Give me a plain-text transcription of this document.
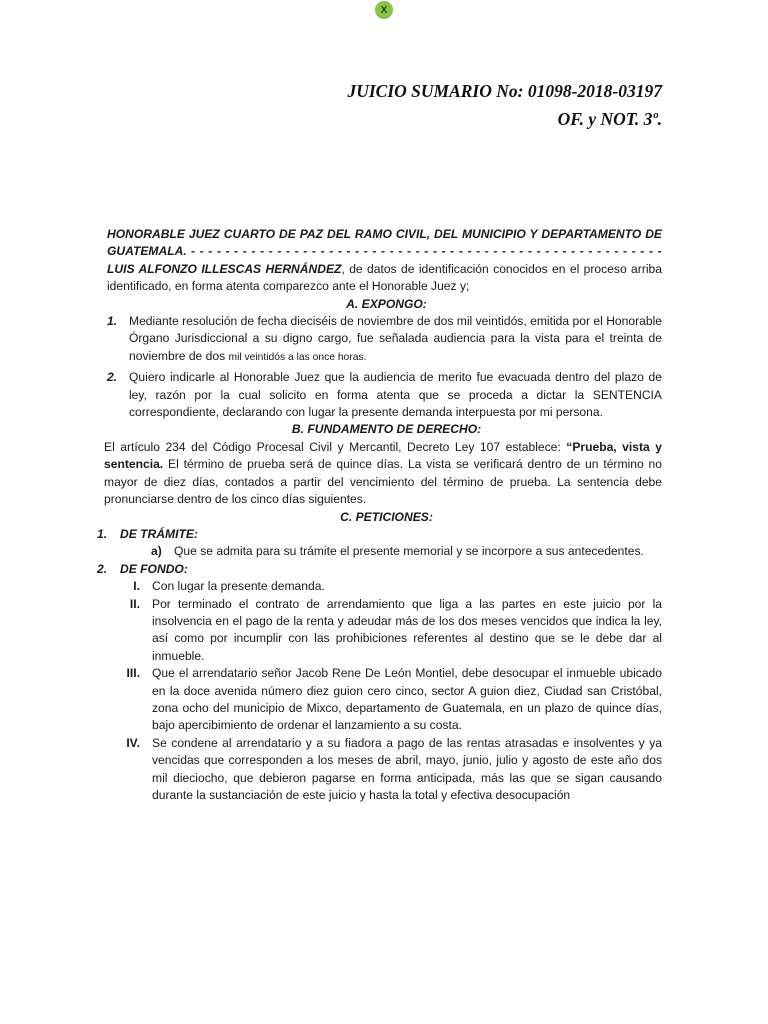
x
JUICIO SUMARIO No: 01098-2018-03197
OF. y NOT. 3º.

HONORABLE JUEZ CUARTO DE PAZ DEL RAMO CIVIL, DEL MUNICIPIO Y DEPARTAMENTO DE GUATEMALA. - - - - - - - - - - - - - - - - - - - - - - - - - - - - - - - - - - - - - - - - - - - - - - - - - - - - - - - LUIS ALFONZO ILLESCAS HERNÁNDEZ, de datos de identificación conocidos en el proceso arriba identificado, en forma atenta comparezco ante el Honorable Juez y;

A. EXPONGO:

1. Mediante resolución de fecha dieciséis de noviembre de dos mil veintidós, emitida por el Honorable Órgano Jurisdiccional a su digno cargo, fue señalada audiencia para la vista para el treinta de noviembre de dos mil veintidós a las once horas.

2. Quiero indicarle al Honorable Juez que la audiencia de merito fue evacuada dentro del plazo de ley, razón por la cual solicito en forma atenta que se proceda a dictar la SENTENCIA correspondiente, declarando con lugar la presente demanda interpuesta por mi persona.

B. FUNDAMENTO DE DERECHO:

El artículo 234 del Código Procesal Civil y Mercantil, Decreto Ley 107 establece: “Prueba, vista y sentencia. El término de prueba será de quince días. La vista se verificará dentro de un término no mayor de diez días, contados a partir del vencimiento del término de prueba. La sentencia debe pronunciarse dentro de los cinco días siguientes.

C. PETICIONES:

1. DE TRÁMITE:
a) Que se admita para su trámite el presente memorial y se incorpore a sus antecedentes.

2. DE FONDO:
I. Con lugar la presente demanda.

II. Por terminado el contrato de arrendamiento que liga a las partes en este juicio por la insolvencia en el pago de la renta y adeudar más de los dos meses vencidos que indica la ley, así como por incumplir con las prohibiciones referentes al destino que se le debe dar al inmueble.

III. Que el arrendatario señor Jacob Rene De León Montiel, debe desocupar el inmueble ubicado en la doce avenida número diez guion cero cinco, sector A guion diez, Ciudad san Cristóbal, zona ocho del municipio de Mixco, departamento de Guatemala, en un plazo de quince días, bajo apercibimiento de ordenar el lanzamiento a su costa.

IV. Se condene al arrendatario y a su fiadora a pago de las rentas atrasadas e insolventes y ya vencidas que corresponden a los meses de abril, mayo, junio, julio y agosto de este año dos mil dieciocho, que debieron pagarse en forma anticipada, más las que se sigan causando durante la sustanciación de este juicio y hasta la total y efectiva desocupación
